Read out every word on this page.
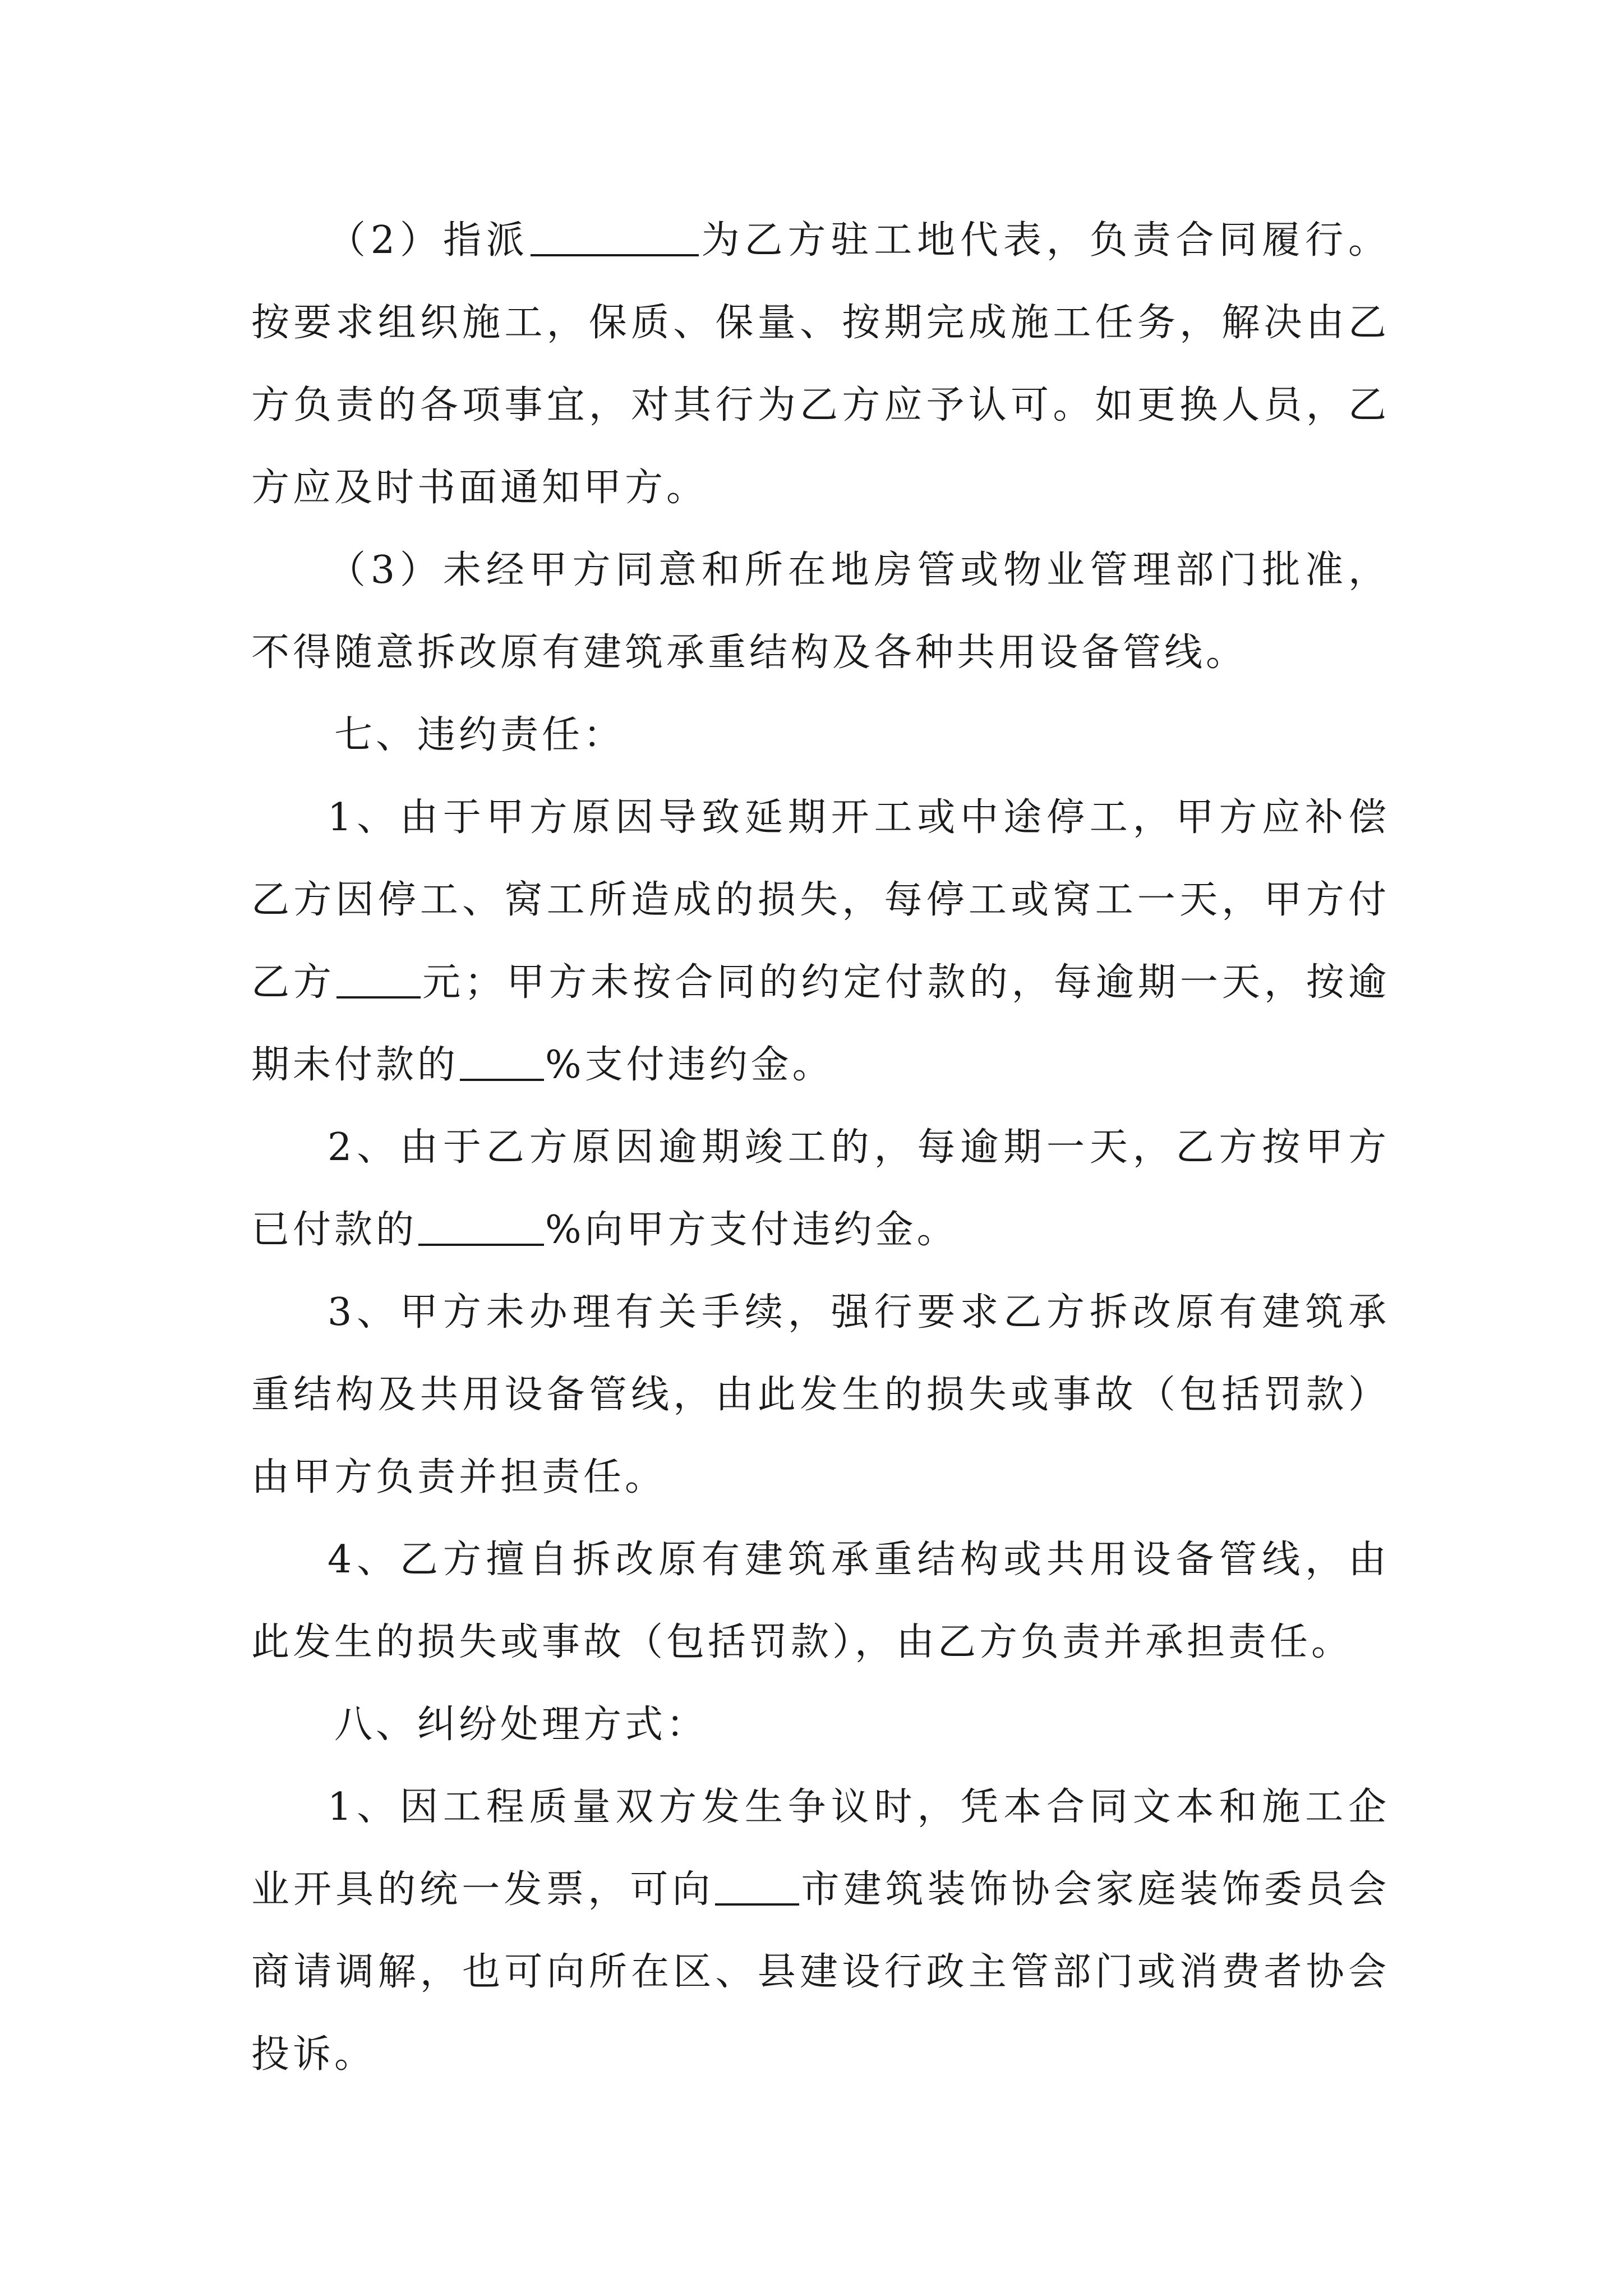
（2）指派	为乙方驻工地代表，负责合同履行。按要求组织施工，保质、保量、按期完成施工任务，解决由乙方负责的各项事宜，对其行为乙方应予认可。如更换人员，乙方应及时书面通知甲方。

（3）未经甲方同意和所在地房管或物业管理部门批准，不得随意拆改原有建筑承重结构及各种共用设备管线。

七、违约责任：

1、由于甲方原因导致延期开工或中途停工，甲方应补偿乙方因停工、窝工所造成的损失，每停工或窝工一天，甲方付乙方 元；甲方未按合同的约定付款的，每逾期一天，按逾期未付款的 %支付违约金。

2、由于乙方原因逾期竣工的，每逾期一天，乙方按甲方已付款的	%向甲方支付违约金。

3、甲方未办理有关手续，强行要求乙方拆改原有建筑承重结构及共用设备管线，由此发生的损失或事故（包括罚款）由甲方负责并担责任。

4、乙方擅自拆改原有建筑承重结构或共用设备管线，由此发生的损失或事故（包括罚款），由乙方负责并承担责任。

八、纠纷处理方式：

1、因工程质量双方发生争议时，凭本合同文本和施工企业开具的统一发票，可向 市建筑装饰协会家庭装饰委员会商请调解，也可向所在区、县建设行政主管部门或消费者协会投诉。
